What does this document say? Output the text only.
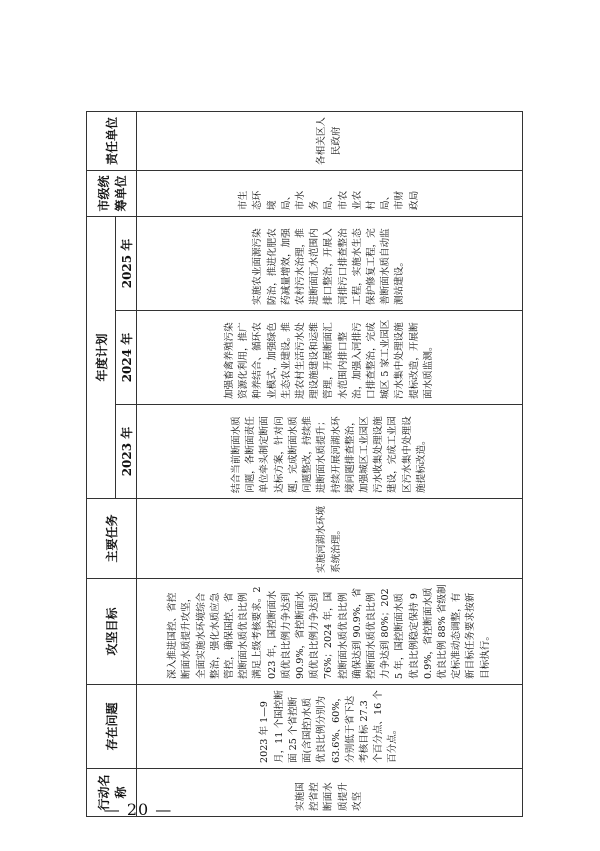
行动名称	存在问题	攻坚目标	主要任务	年度计划			市级统筹单位	责任单位
				2023 年	2024 年	2025 年		

实施国控省控断面水质提升攻坚	2023 年 1—9 月，11 个国控断面 25 个省控断面(含国控)水质优良比例分别为 63.6%、60%，分别低于省下达考核目标 27.3 个百分点、16 个百分点。	深入推进国控、省控断面水质提升攻坚，全面实施水环境综合整治，强化水质应急管控，确保国控、省控断面水质优良比例满足上级考核要求。2023 年，国控断面水质优良比例力争达到 90.9%，省控断面水质优良比例力争达到 76%；2024 年，国控断面水质优良比例确保达到 90.9%，省控断面水质优良比例力争达到 80%；2025 年，国控断面水质优良比例稳定保持 90.9%，省控断面水质优良比例 88% 省级制定标准动态调整，有新目标任务要求按新目标执行。	实施河湖水环境系统治理。	结合当前断面水质问题，各断面责任单位牵头制定断面达标方案，针对问题，完成断面水质问题整改，持续推进断面水质提升；持续开展河湖水环境问题排查整治，加强城区工业园区污水收集处理设施建设，完成工业园区污水集中处理设施提标改造。	加强畜禽养殖污染资源化利用，推广种养结合、循环农业模式，加强绿色生态农业建设。推进农村生活污水处理设施建设和运维管理，开展断面汇水范围内排口整治，加强入河排污口排查整治，完成城区 5 家工业园区污水集中处理设施提标改造，开展断面水质监测。	实施农业面源污染防治，推进化肥农药减量增效，加强农村污水治理，推进断面汇水范围内排口整治，开展入河排污口排查整治工程，实施水生态保护修复工程，完善断面水质自动监测站建设。	市生态环境局、市水务局、市农业农村局、市财政局	各相关区人民政府
— 20 —
